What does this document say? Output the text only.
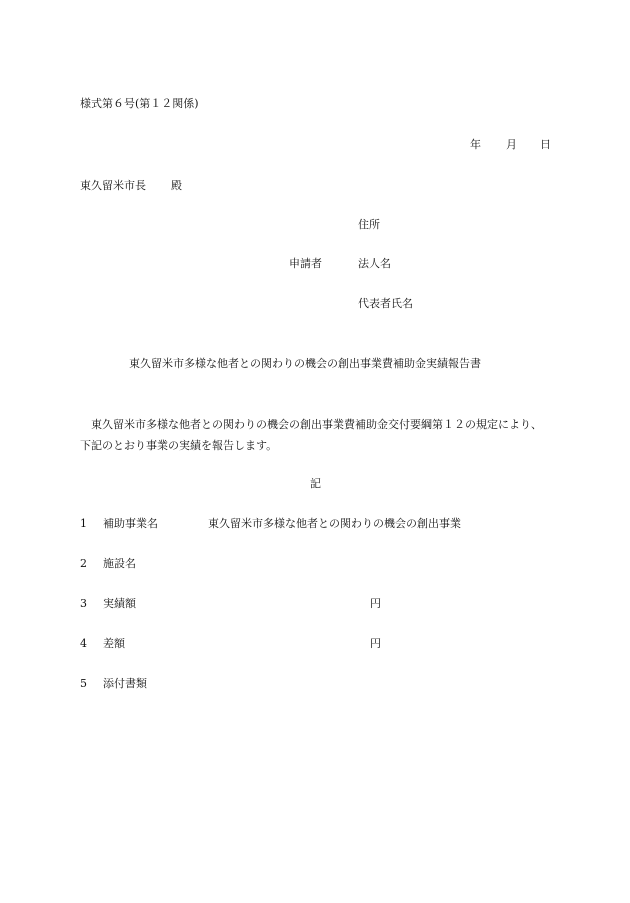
様式第６号(第１２関係)
年 月 日
東久留米市長 殿
住所
申請者	法人名
代表者氏名
東久留米市多様な他者との関わりの機会の創出事業費補助金実績報告書
東久留米市多様な他者との関わりの機会の創出事業費補助金交付要綱第１２の規定により、下記のとおり事業の実績を報告します。
記
1 補助事業名	東久留米市多様な他者との関わりの機会の創出事業
2 施設名
3 実績額	円
4 差額	円
5 添付書類
